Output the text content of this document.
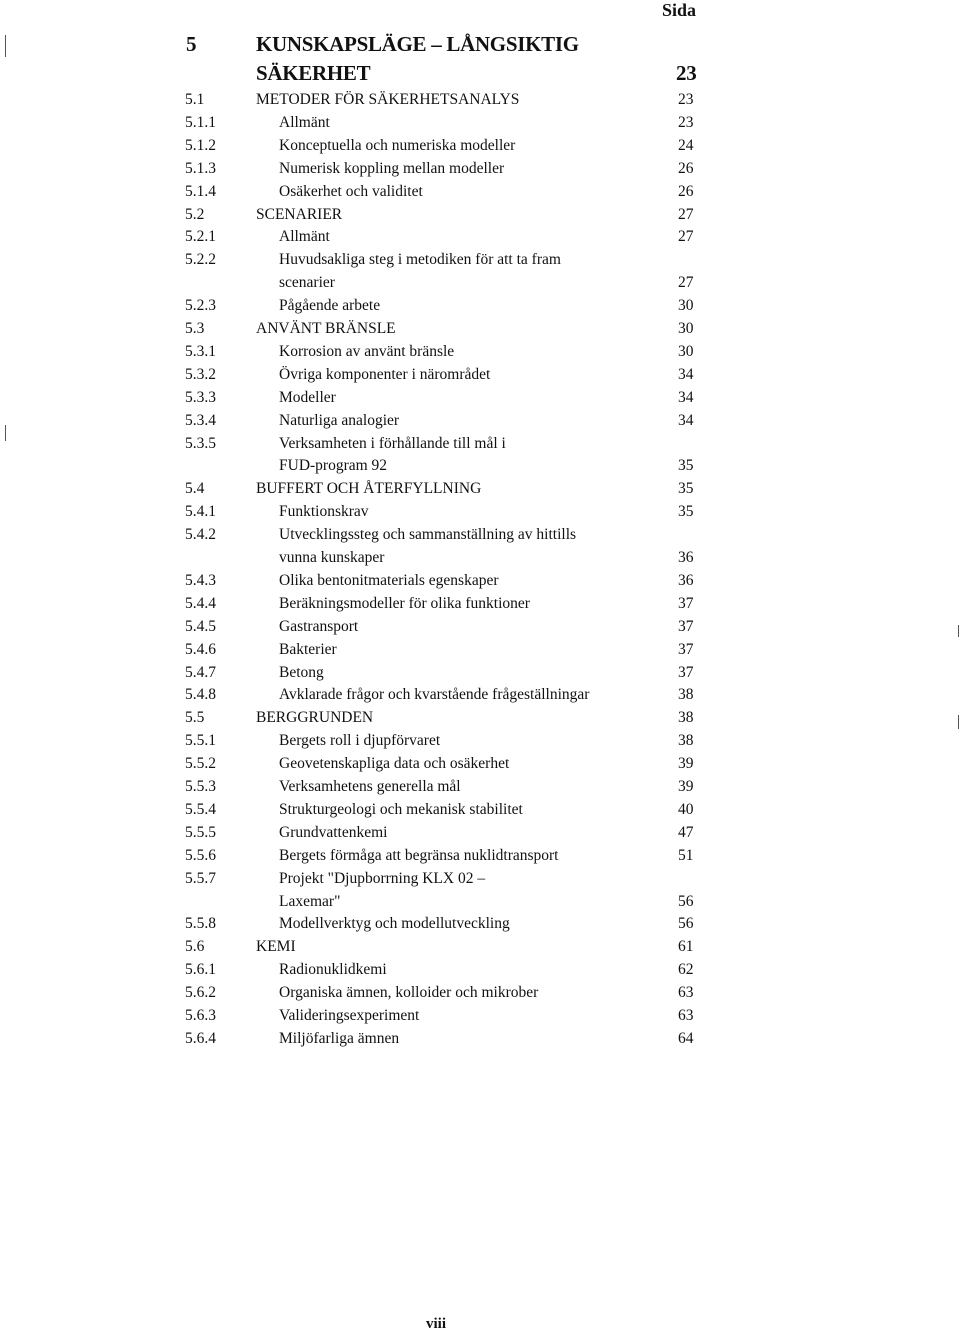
Sida
5	KUNSKAPSLÄGE – LÅNGSIKTIG
SÄKERHET	23
5.1	METODER FÖR SÄKERHETSANALYS	23
5.1.1	Allmänt	23
5.1.2	Konceptuella och numeriska modeller	24
5.1.3	Numerisk koppling mellan modeller	26
5.1.4	Osäkerhet och validitet	26
5.2	SCENARIER	27
5.2.1	Allmänt	27
5.2.2	Huvudsakliga steg i metodiken för att ta fram
scenarier	27
5.2.3	Pågående arbete	30
5.3	ANVÄNT BRÄNSLE	30
5.3.1	Korrosion av använt bränsle	30
5.3.2	Övriga komponenter i närområdet	34
5.3.3	Modeller	34
5.3.4	Naturliga analogier	34
5.3.5	Verksamheten i förhållande till mål i
FUD-program 92	35
5.4	BUFFERT OCH ÅTERFYLLNING	35
5.4.1	Funktionskrav	35
5.4.2	Utvecklingssteg och sammanställning av hittills
vunna kunskaper	36
5.4.3	Olika bentonitmaterials egenskaper	36
5.4.4	Beräkningsmodeller för olika funktioner	37
5.4.5	Gastransport	37
5.4.6	Bakterier	37
5.4.7	Betong	37
5.4.8	Avklarade frågor och kvarstående frågeställningar	38
5.5	BERGGRUNDEN	38
5.5.1	Bergets roll i djupförvaret	38
5.5.2	Geovetenskapliga data och osäkerhet	39
5.5.3	Verksamhetens generella mål	39
5.5.4	Strukturgeologi och mekanisk stabilitet	40
5.5.5	Grundvattenkemi	47
5.5.6	Bergets förmåga att begränsa nuklidtransport	51
5.5.7	Projekt "Djupborrning KLX 02 –
Laxemar"	56
5.5.8	Modellverktyg och modellutveckling	56
5.6	KEMI	61
5.6.1	Radionuklidkemi	62
5.6.2	Organiska ämnen, kolloider och mikrober	63
5.6.3	Valideringsexperiment	63
5.6.4	Miljöfarliga ämnen	64
viii
